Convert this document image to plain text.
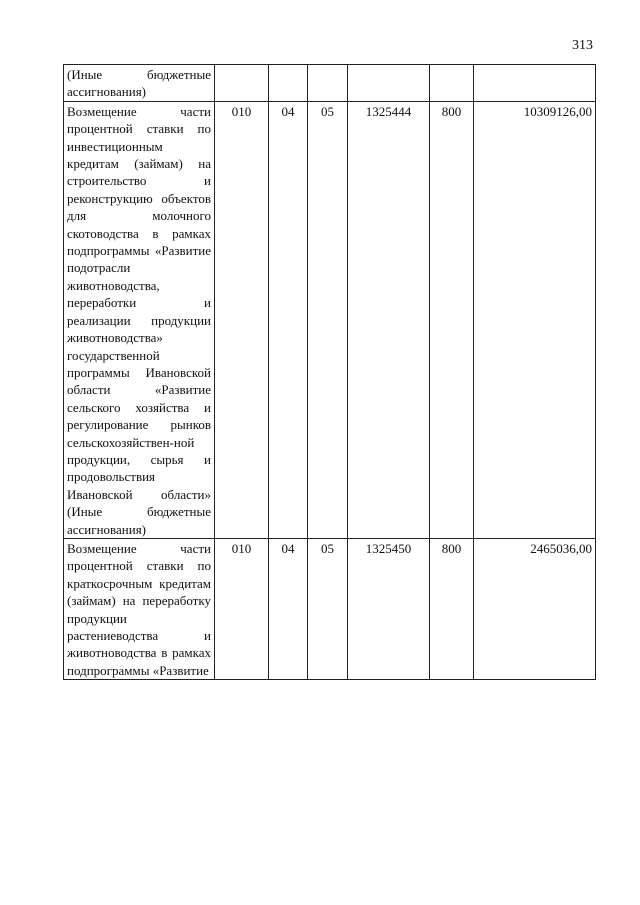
313
(Иные бюджетные ассигнования)						
Возмещение части процентной ставки по инвестиционным кредитам (займам) на строительство и реконструкцию объектов для молочного скотоводства в рамках подпрограммы «Развитие подотрасли животноводства, переработки и реализации продукции животноводства» государственной программы Ивановской области «Развитие сельского хозяйства и регулирование рынков сельскохозяйствен-ной продукции, сырья и продовольствия Ивановской области» (Иные бюджетные ассигнования)	010	04	05	1325444	800	10309126,00
Возмещение части процентной ставки по краткосрочным кредитам (займам) на переработку продукции растениеводства и животноводства в рамках подпрограммы «Развитие	010	04	05	1325450	800	2465036,00
